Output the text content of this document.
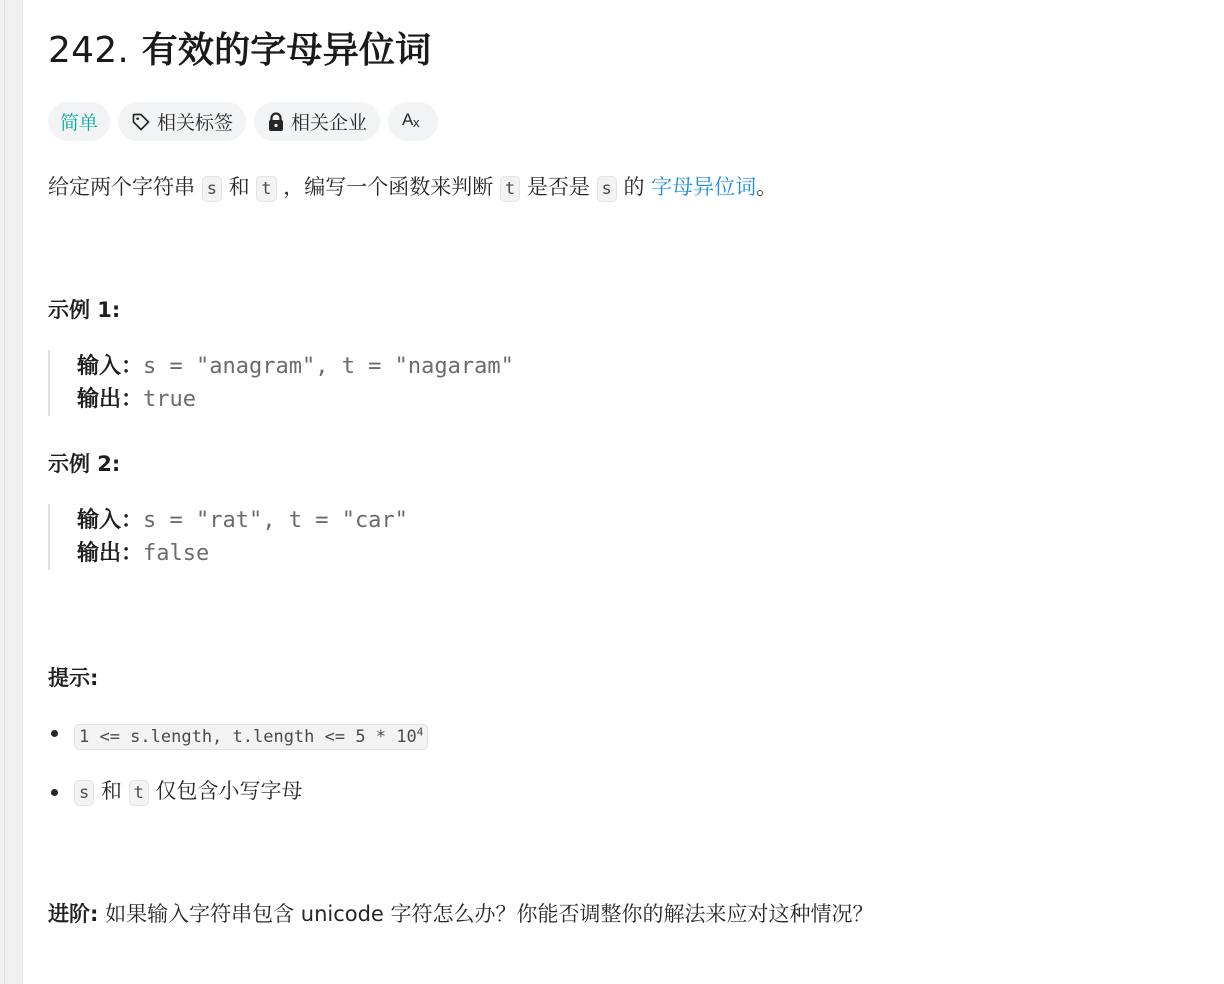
242. 有效的字母异位词
简单	相关标签	相关企业 A x
给定两个字符串 s 和 t ，编写一个函数来判断 t 是否是 s 的 字母异位词。
示例 1:
输入：s = "anagram", t = "nagaram"
输出：true
示例 2:
输入：s = "rat", t = "car"
输出：false
提示:
1 <= s.length, t.length <= $5 * 10^4$
s 和 t 仅包含小写字母
进阶: 如果输入字符串包含 unicode 字符怎么办？你能否调整你的解法来应对这种情况？
